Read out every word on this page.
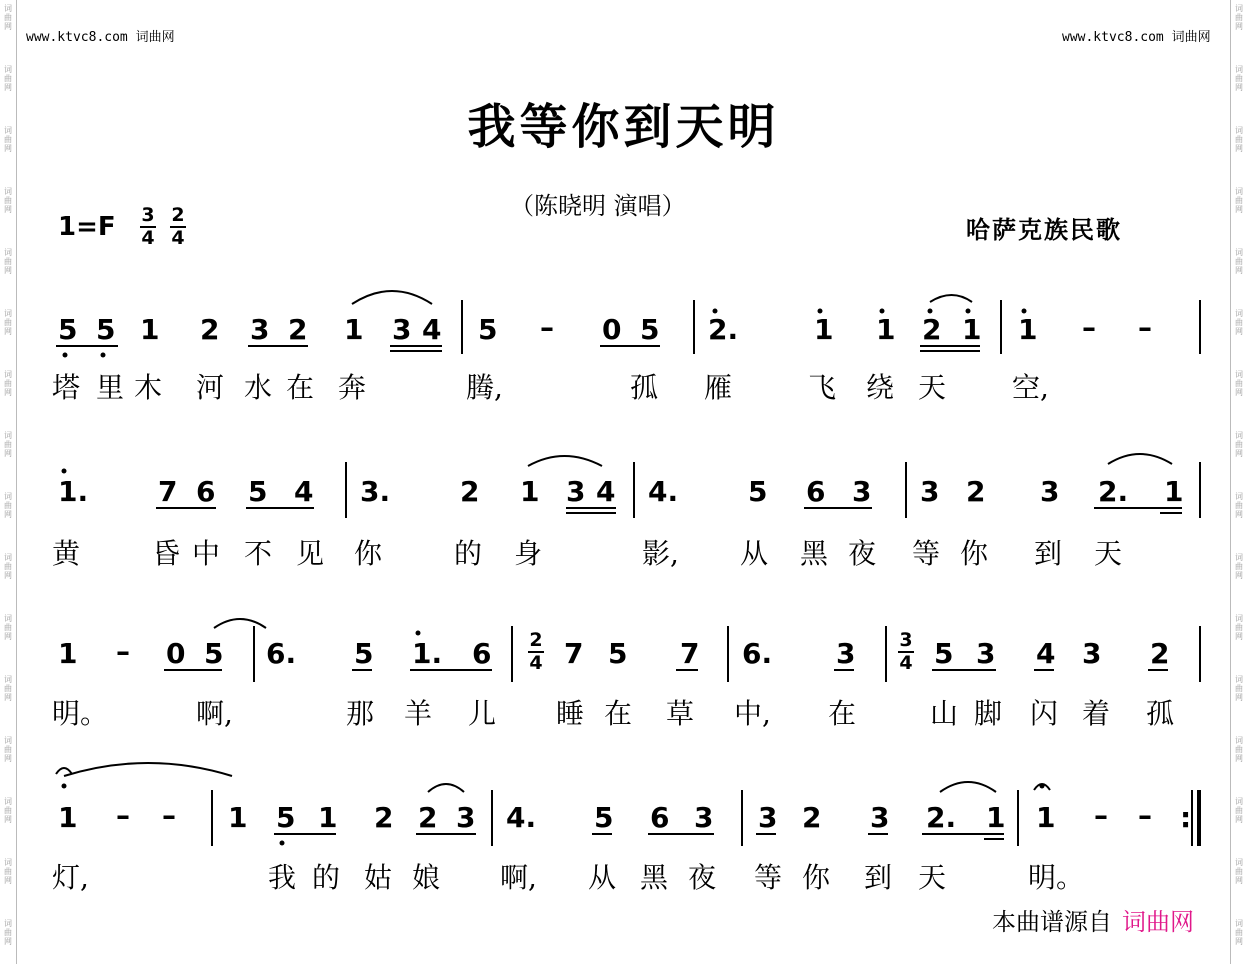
词
曲
网
词
曲
网
词
曲
网
词
曲
网
词
曲
网
词
曲
网
词
曲
网
词
曲
网
词
曲
网
词
曲
网
词
曲
网
词
曲
网
词
曲
网
词
曲
网
词
曲
网
词
曲
网
词
曲
网
词
曲
网
词
曲
网
词
曲
网
词
曲
网
词
曲
网
词
曲
网
词
曲
网
词
曲
网
词
曲
网
词
曲
网
词
曲
网
词
曲
网
词
曲
网
词
曲
网
词
曲
网
www.ktvc8.com 词曲网	www.ktvc8.com 词曲网
我等你到天明
（陈晓明 演唱）
哈萨克族民歌
1=F 3
4
2
4
5 5 1 2 3 2 1 3 4 5 – 0 5 2.	1 1 2 1 1 – –
1. 7 6 5 4 3. 2 1 3 4 4. 5 6 3 3 2 3 2. 1
1 – 0 5 6. 5 1. 6	7 5 7 6. 3	5 3 4 3 2
2
4
3
4
1 – – 1 5 1 2 2 3 4. 5 6 3 3 2 3 2. 1 1 – – :
塔 里 木 河 水 在 奔	腾,	孤 雁	飞 绕 天 空,
黄	昏 中 不 见 你	的 身	影, 从 黑 夜 等 你 到 天
明。	啊,	那 羊 儿 睡 在 草 中, 在	山 脚 闪 着 孤
灯,	我 的 姑 娘 啊, 从 黑 夜 等 你 到 天	明。
本曲谱源自 词曲网
